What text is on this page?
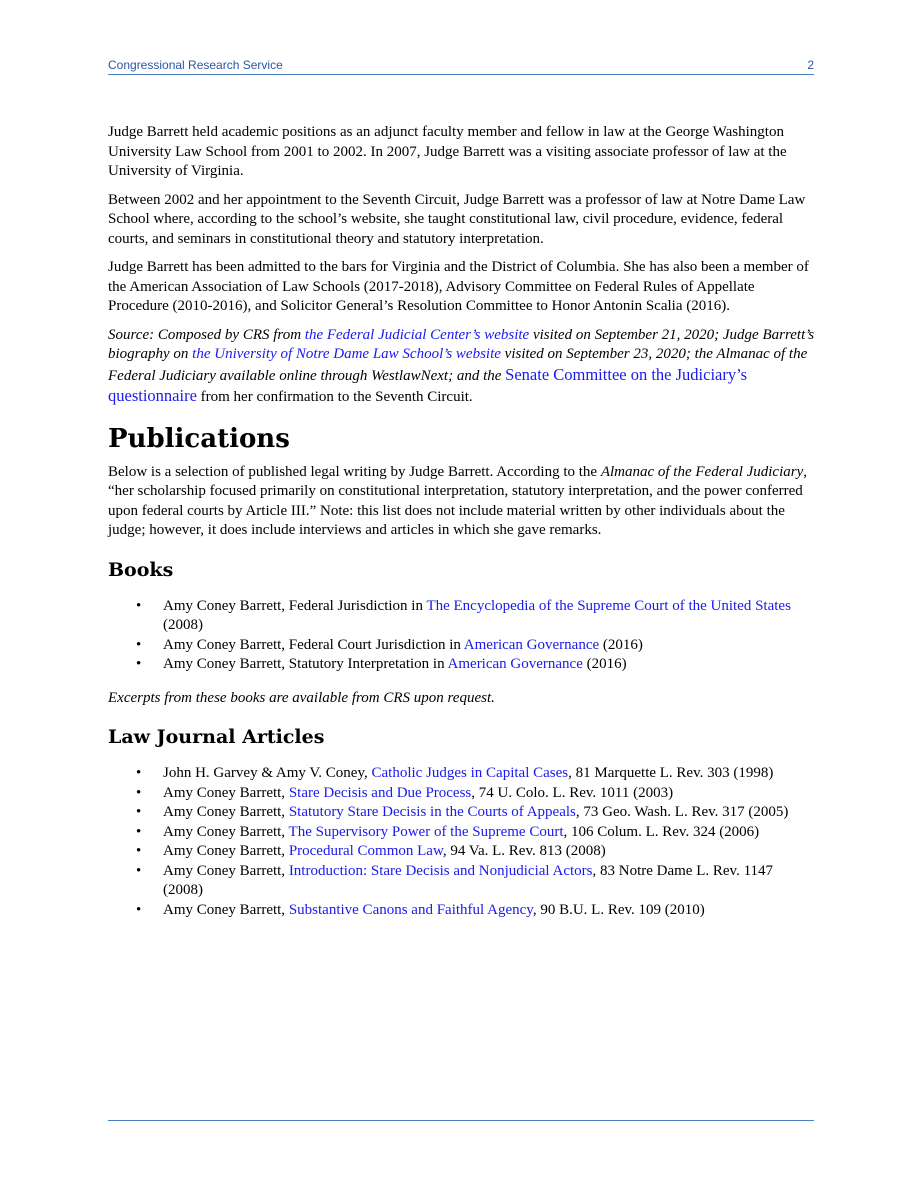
Congressional Research Service	2

Judge Barrett held academic positions as an adjunct faculty member and fellow in law at the George Washington University Law School from 2001 to 2002. In 2007, Judge Barrett was a visiting associate professor of law at the University of Virginia.

Between 2002 and her appointment to the Seventh Circuit, Judge Barrett was a professor of law at Notre Dame Law School where, according to the school’s website, she taught constitutional law, civil procedure, evidence, federal courts, and seminars in constitutional theory and statutory interpretation.

Judge Barrett has been admitted to the bars for Virginia and the District of Columbia. She has also been a member of the American Association of Law Schools (2017-2018), Advisory Committee on Federal Rules of Appellate Procedure (2010-2016), and Solicitor General’s Resolution Committee to Honor Antonin Scalia (2016).

Source: Composed by CRS from the Federal Judicial Center’s website visited on September 21, 2020; Judge Barrett’s biography on the University of Notre Dame Law School’s website visited on September 23, 2020; the Almanac of the Federal Judiciary available online through WestlawNext; and the Senate Committee on the Judiciary’s questionnaire from her confirmation to the Seventh Circuit.

Publications

Below is a selection of published legal writing by Judge Barrett. According to the Almanac of the Federal Judiciary, “her scholarship focused primarily on constitutional interpretation, statutory interpretation, and the power conferred upon federal courts by Article III.” Note: this list does not include material written by other individuals about the judge; however, it does include interviews and articles in which she gave remarks.

Books
• Amy Coney Barrett, Federal Jurisdiction in The Encyclopedia of the Supreme Court of the United States (2008)
• Amy Coney Barrett, Federal Court Jurisdiction in American Governance (2016)
• Amy Coney Barrett, Statutory Interpretation in American Governance (2016)

Excerpts from these books are available from CRS upon request.

Law Journal Articles
• John H. Garvey & Amy V. Coney, Catholic Judges in Capital Cases, 81 Marquette L. Rev. 303 (1998)
• Amy Coney Barrett, Stare Decisis and Due Process, 74 U. Colo. L. Rev. 1011 (2003)
• Amy Coney Barrett, Statutory Stare Decisis in the Courts of Appeals, 73 Geo. Wash. L. Rev. 317 (2005)
• Amy Coney Barrett, The Supervisory Power of the Supreme Court, 106 Colum. L. Rev. 324 (2006)
• Amy Coney Barrett, Procedural Common Law, 94 Va. L. Rev. 813 (2008)
• Amy Coney Barrett, Introduction: Stare Decisis and Nonjudicial Actors, 83 Notre Dame L. Rev. 1147 (2008)
• Amy Coney Barrett, Substantive Canons and Faithful Agency, 90 B.U. L. Rev. 109 (2010)
